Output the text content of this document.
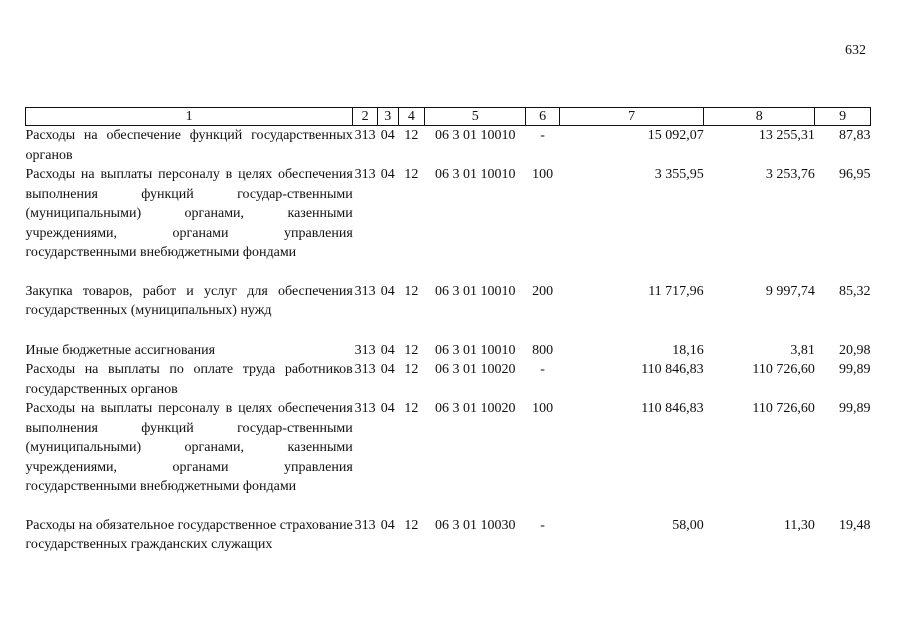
632
1	2	3	4	5	6	7	8	9
Расходы на обеспечение функций государственных органов	313	04	12	06 3 01 10010	-	15 092,07	13 255,31	87,83
Расходы на выплаты персоналу в целях обеспечения выполнения функций государ-ственными (муниципальными) органами, казенными учреждениями, органами управления государственными внебюджетными фондами	313	04	12	06 3 01 10010	100	3 355,95	3 253,76	96,95
Закупка товаров, работ и услуг для обеспечения государственных (муниципальных) нужд	313	04	12	06 3 01 10010	200	11 717,96	9 997,74	85,32
Иные бюджетные ассигнования	313	04	12	06 3 01 10010	800	18,16	3,81	20,98
Расходы на выплаты по оплате труда работников государственных органов	313	04	12	06 3 01 10020	-	110 846,83	110 726,60	99,89
Расходы на выплаты персоналу в целях обеспечения выполнения функций государ-ственными (муниципальными) органами, казенными учреждениями, органами управления государственными внебюджетными фондами	313	04	12	06 3 01 10020	100	110 846,83	110 726,60	99,89
Расходы на обязательное государственное страхование государственных гражданских служащих	313	04	12	06 3 01 10030	-	58,00	11,30	19,48
